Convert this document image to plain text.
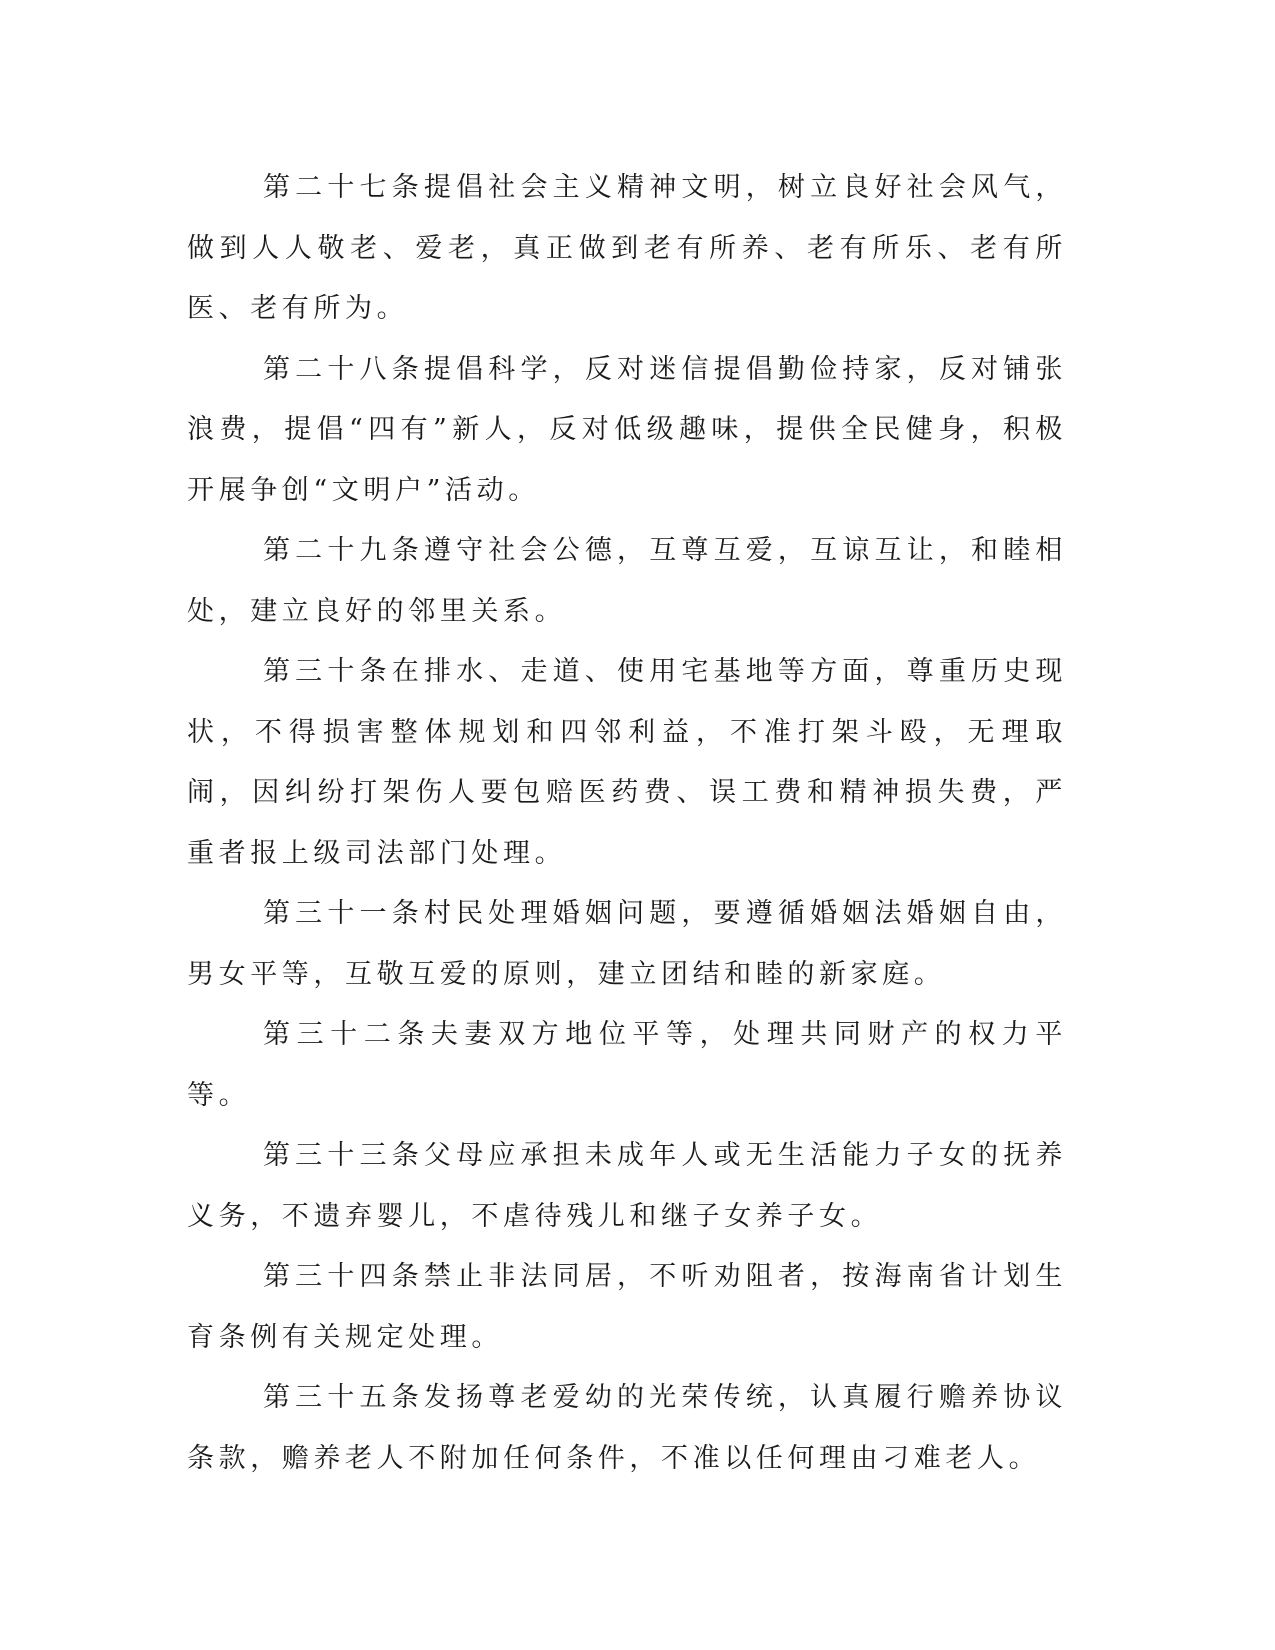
第二十七条提倡社会主义精神文明，树立良好社会风气，做到人人敬老、爱老，真正做到老有所养、老有所乐、老有所医、老有所为。

第二十八条提倡科学，反对迷信提倡勤俭持家，反对铺张浪费，提倡“四有”新人，反对低级趣味，提供全民健身，积极开展争创“文明户”活动。

第二十九条遵守社会公德，互尊互爱，互谅互让，和睦相处，建立良好的邻里关系。

第三十条在排水、走道、使用宅基地等方面，尊重历史现状，不得损害整体规划和四邻利益，不准打架斗殴，无理取闹，因纠纷打架伤人要包赔医药费、误工费和精神损失费，严重者报上级司法部门处理。

第三十一条村民处理婚姻问题，要遵循婚姻法婚姻自由，男女平等，互敬互爱的原则，建立团结和睦的新家庭。

第三十二条夫妻双方地位平等，处理共同财产的权力平等。

第三十三条父母应承担未成年人或无生活能力子女的抚养义务，不遗弃婴儿，不虐待残儿和继子女养子女。

第三十四条禁止非法同居，不听劝阻者，按海南省计划生育条例有关规定处理。

第三十五条发扬尊老爱幼的光荣传统，认真履行赡养协议条款，赡养老人不附加任何条件，不准以任何理由刁难老人。
